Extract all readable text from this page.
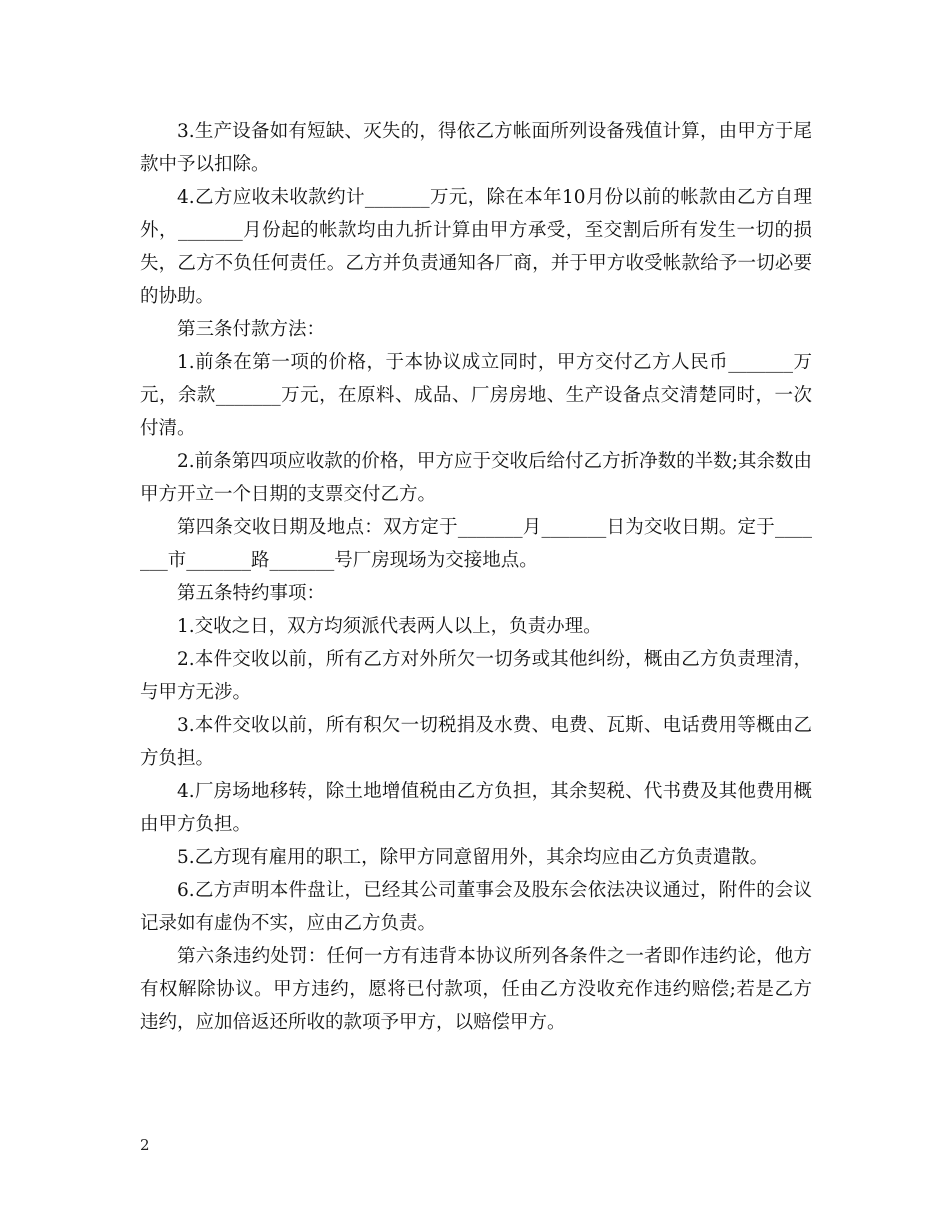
3.生产设备如有短缺、灭失的，得依乙方帐面所列设备残值计算，由甲方于尾款中予以扣除。

4.乙方应收未收款约计_______万元，除在本年10月份以前的帐款由乙方自理外，_______月份起的帐款均由九折计算由甲方承受，至交割后所有发生一切的损失，乙方不负任何责任。乙方并负责通知各厂商，并于甲方收受帐款给予一切必要的协助。

第三条付款方法：

1.前条在第一项的价格，于本协议成立同时，甲方交付乙方人民币_______万元，余款_______万元，在原料、成品、厂房房地、生产设备点交清楚同时，一次付清。

2.前条第四项应收款的价格，甲方应于交收后给付乙方折净数的半数;其余数由甲方开立一个日期的支票交付乙方。

第四条交收日期及地点：双方定于_______月_______日为交收日期。定于_______市_______路_______号厂房现场为交接地点。

第五条特约事项：

1.交收之日，双方均须派代表两人以上，负责办理。

2.本件交收以前，所有乙方对外所欠一切务或其他纠纷，概由乙方负责理清，与甲方无涉。

3.本件交收以前，所有积欠一切税捐及水费、电费、瓦斯、电话费用等概由乙方负担。

4.厂房场地移转，除土地增值税由乙方负担，其余契税、代书费及其他费用概由甲方负担。

5.乙方现有雇用的职工，除甲方同意留用外，其余均应由乙方负责遣散。

6.乙方声明本件盘让，已经其公司董事会及股东会依法决议通过，附件的会议记录如有虚伪不实，应由乙方负责。

第六条违约处罚：任何一方有违背本协议所列各条件之一者即作违约论，他方有权解除协议。甲方违约，愿将已付款项，任由乙方没收充作违约赔偿;若是乙方违约，应加倍返还所收的款项予甲方，以赔偿甲方。

2
